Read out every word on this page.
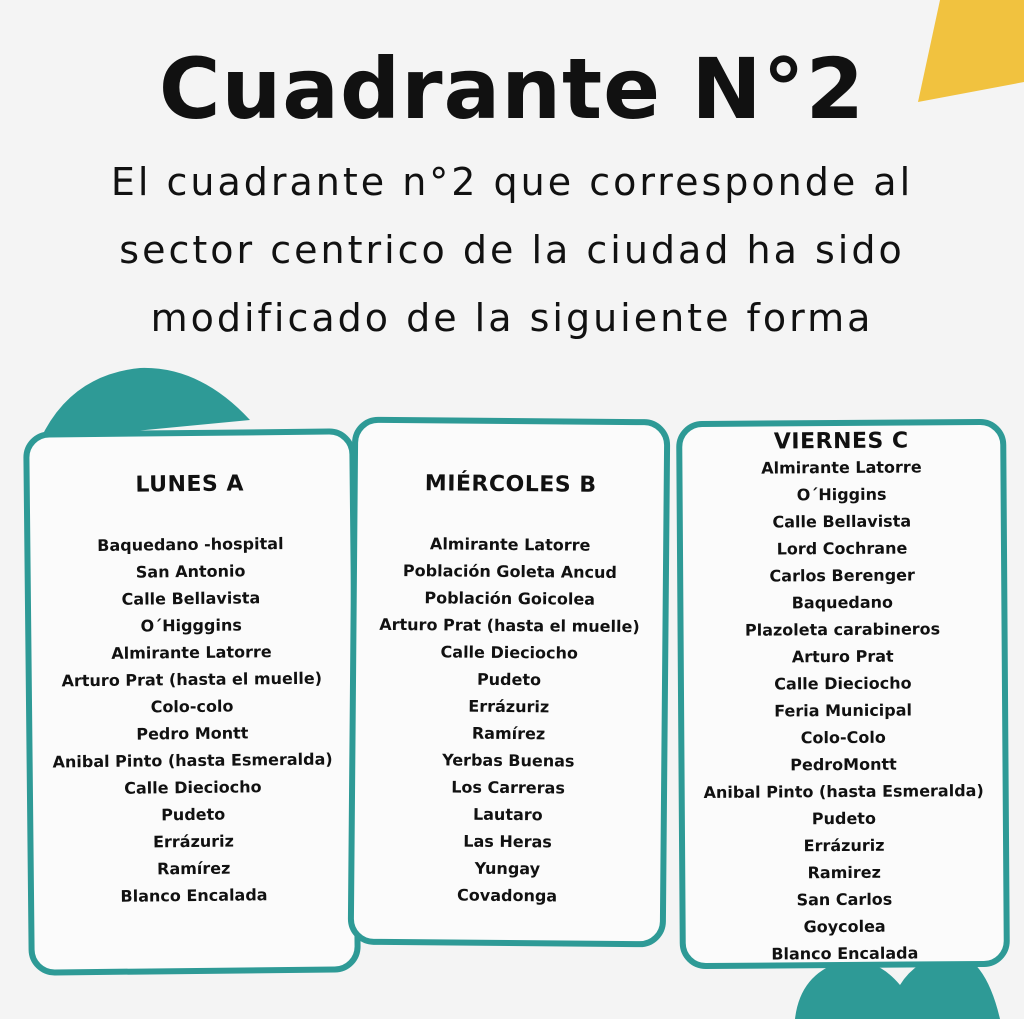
Cuadrante N°2

El cuadrante n°2 que corresponde al sector centrico de la ciudad ha sido modificado de la siguiente forma

LUNES A
Baquedano -hospital
San Antonio
Calle Bellavista
O´Higggins
Almirante Latorre
Arturo Prat (hasta el muelle)
Colo-colo
Pedro Montt
Anibal Pinto (hasta Esmeralda)
Calle Dieciocho
Pudeto
Errázuriz
Ramírez
Blanco Encalada
MIÉRCOLES B
Almirante Latorre
Población Goleta Ancud
Población Goicolea
Arturo Prat (hasta el muelle)
Calle Dieciocho
Pudeto
Errázuriz
Ramírez
Yerbas Buenas
Los Carreras
Lautaro
Las Heras
Yungay
Covadonga
VIERNES C
Almirante Latorre
O´Higgins
Calle Bellavista
Lord Cochrane
Carlos Berenger
Baquedano
Plazoleta carabineros
Arturo Prat
Calle Dieciocho
Feria Municipal
Colo-Colo
PedroMontt
Anibal Pinto (hasta Esmeralda)
Pudeto
Errázuriz
Ramirez
San Carlos
Goycolea
Blanco Encalada
